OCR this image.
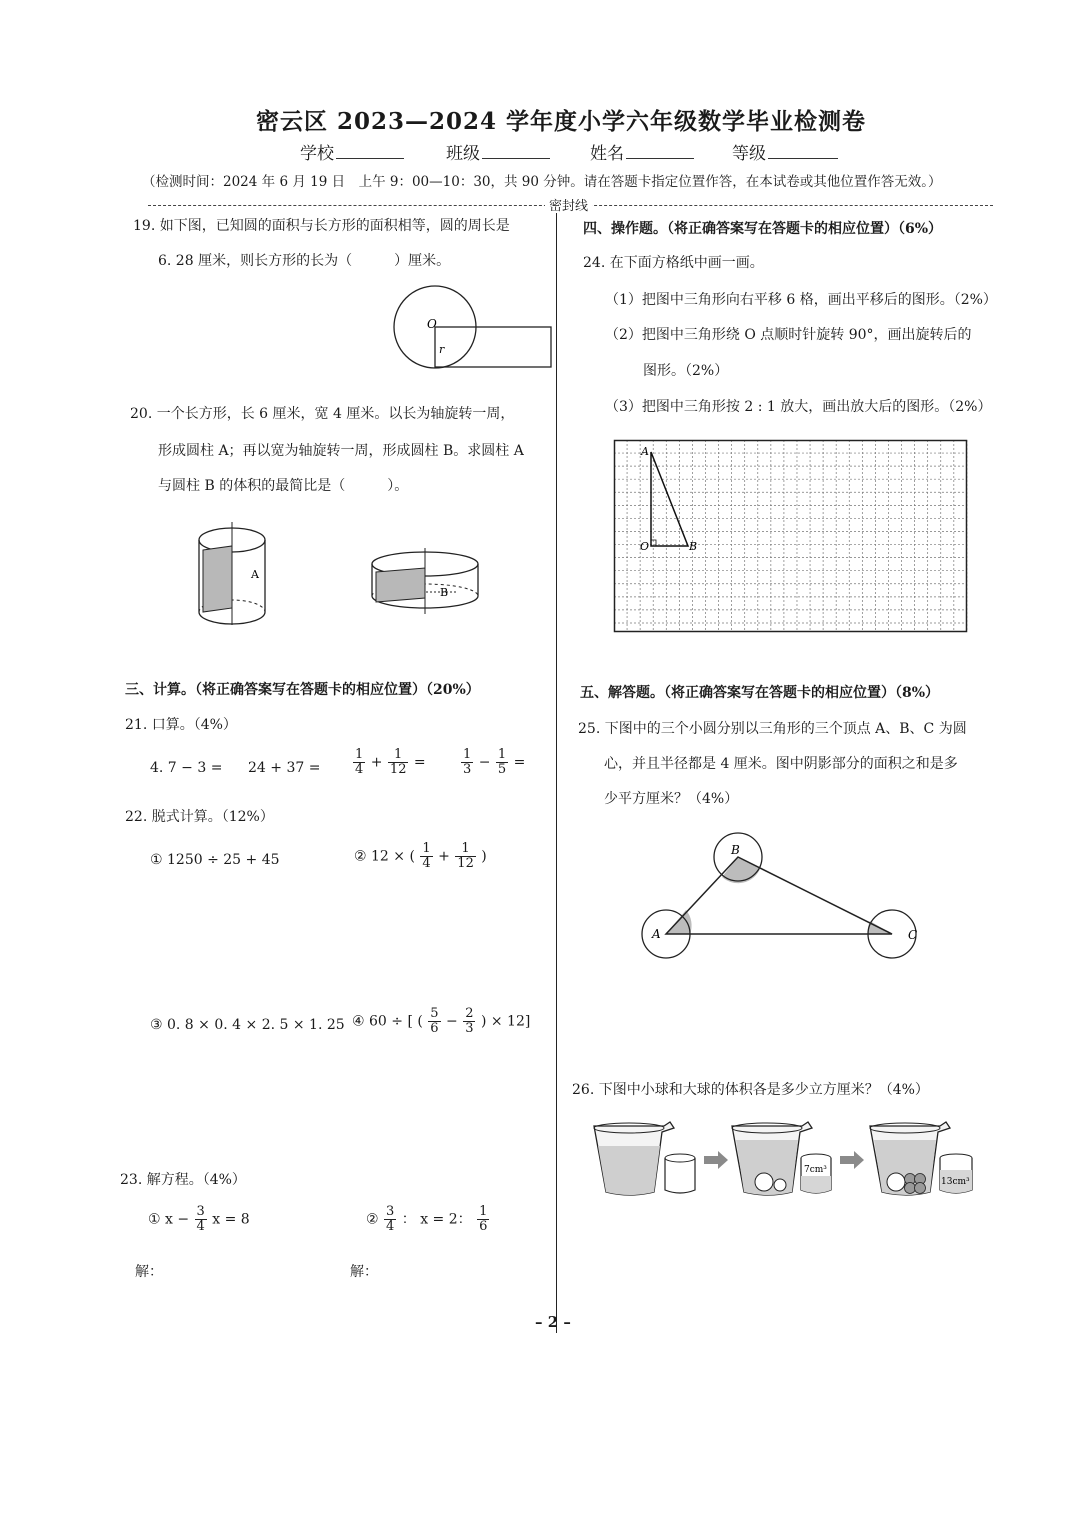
密云区 2023—2024 学年度小学六年级数学毕业检测卷
学校	班级	姓名	等级
（检测时间：2024 年 6 月 19 日　上午 9：00—10：30，共 90 分钟。请在答题卡指定位置作答，在本试卷或其他位置作答无效。）
密封线
19. 如下图，已知圆的面积与长方形的面积相等，圆的周长是
6. 28 厘米，则长方形的长为（　　　）厘米。
O
r
20. 一个长方形，长 6 厘米，宽 4 厘米。以长为轴旋转一周，
形成圆柱 A；再以宽为轴旋转一周，形成圆柱 B。求圆柱 A
与圆柱 B 的体积的最简比是（　　　）。
A
B
三、计算。（将正确答案写在答题卡的相应位置）（20%）
21. 口算。（4%）
4. 7 − 3 = 24 + 37 =	$\frac{1}{4} + \frac{1}{12}$ =	$\frac{1}{3} - \frac{1}{5}$ =
22. 脱式计算。（12%）
① 1250 ÷ 25 + 45	② 12 × ( $\frac{1}{4} + \frac{1}{12}$ )
③ 0. 8 × 0. 4 × 2. 5 × 1. 25 ④ 60 ÷ [ ( $\frac{5}{6} - \frac{2}{3}$ ) × 12]
23. 解方程。（4%）
① $x - \frac{3}{4}$ x = 8	② $\frac{3}{4}$ ： x = 2： $\frac{1}{6}$
解：	解：
四、操作题。（将正确答案写在答题卡的相应位置）（6%）
24. 在下面方格纸中画一画。
（1）把图中三角形向右平移 6 格，画出平移后的图形。（2%）
（2）把图中三角形绕 O 点顺时针旋转 90°，画出旋转后的
图形。（2%）
（3）把图中三角形按 2 : 1 放大，画出放大后的图形。（2%）
A
O	B
五、解答题。（将正确答案写在答题卡的相应位置）（8%）
25. 下图中的三个小圆分别以三角形的三个顶点 A、B、C 为圆
心，并且半径都是 4 厘米。图中阴影部分的面积之和是多
少平方厘米？（4%）
B
A	C
26. 下图中小球和大球的体积各是多少立方厘米？（4%）
7cm³
13cm³
– 2 –
